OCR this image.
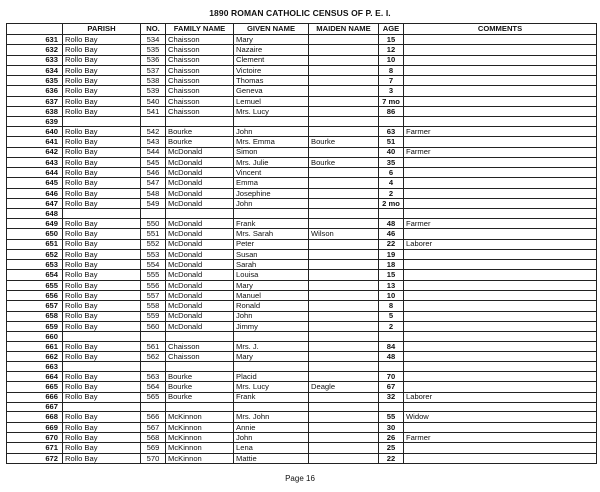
1890 ROMAN CATHOLIC CENSUS OF P. E. I.
	PARISH	NO.	FAMILY NAME	GIVEN NAME	MAIDEN NAME	AGE	COMMENTS
631	Rollo Bay	534	Chaisson	Mary		15	
632	Rollo Bay	535	Chaisson	Nazaire		12	
633	Rollo Bay	536	Chaisson	Clement		10	
634	Rollo Bay	537	Chaisson	Victoire		8	
635	Rollo Bay	538	Chaisson	Thomas		7	
636	Rollo Bay	539	Chaisson	Geneva		3	
637	Rollo Bay	540	Chaisson	Lemuel		7 mo	
638	Rollo Bay	541	Chaisson	Mrs. Lucy		86	
639							
640	Rollo Bay	542	Bourke	John		63	Farmer
641	Rollo Bay	543	Bourke	Mrs. Emma	Bourke	51	
642	Rollo Bay	544	McDonald	Simon		40	Farmer
643	Rollo Bay	545	McDonald	Mrs. Julie	Bourke	35	
644	Rollo Bay	546	McDonald	Vincent		6	
645	Rollo Bay	547	McDonald	Emma		4	
646	Rollo Bay	548	McDonald	Josephine		2	
647	Rollo Bay	549	McDonald	John		2 mo	
648							
649	Rollo Bay	550	McDonald	Frank		48	Farmer
650	Rollo Bay	551	McDonald	Mrs. Sarah	Wilson	46	
651	Rollo Bay	552	McDonald	Peter		22	Laborer
652	Rollo Bay	553	McDonald	Susan		19	
653	Rollo Bay	554	McDonald	Sarah		18	
654	Rollo Bay	555	McDonald	Louisa		15	
655	Rollo Bay	556	McDonald	Mary		13	
656	Rollo Bay	557	McDonald	Manuel		10	
657	Rollo Bay	558	McDonald	Ronald		8	
658	Rollo Bay	559	McDonald	John		5	
659	Rollo Bay	560	McDonald	Jimmy		2	
660							
661	Rollo Bay	561	Chaisson	Mrs. J.		84	
662	Rollo Bay	562	Chaisson	Mary		48	
663							
664	Rollo Bay	563	Bourke	Placid		70	
665	Rollo Bay	564	Bourke	Mrs. Lucy	Deagle	67	
666	Rollo Bay	565	Bourke	Frank		32	Laborer
667							
668	Rollo Bay	566	McKinnon	Mrs. John		55	Widow
669	Rollo Bay	567	McKinnon	Annie		30	
670	Rollo Bay	568	McKinnon	John		26	Farmer
671	Rollo Bay	569	McKinnon	Lena		25	
672	Rollo Bay	570	McKinnon	Mattie		22	
Page 16
